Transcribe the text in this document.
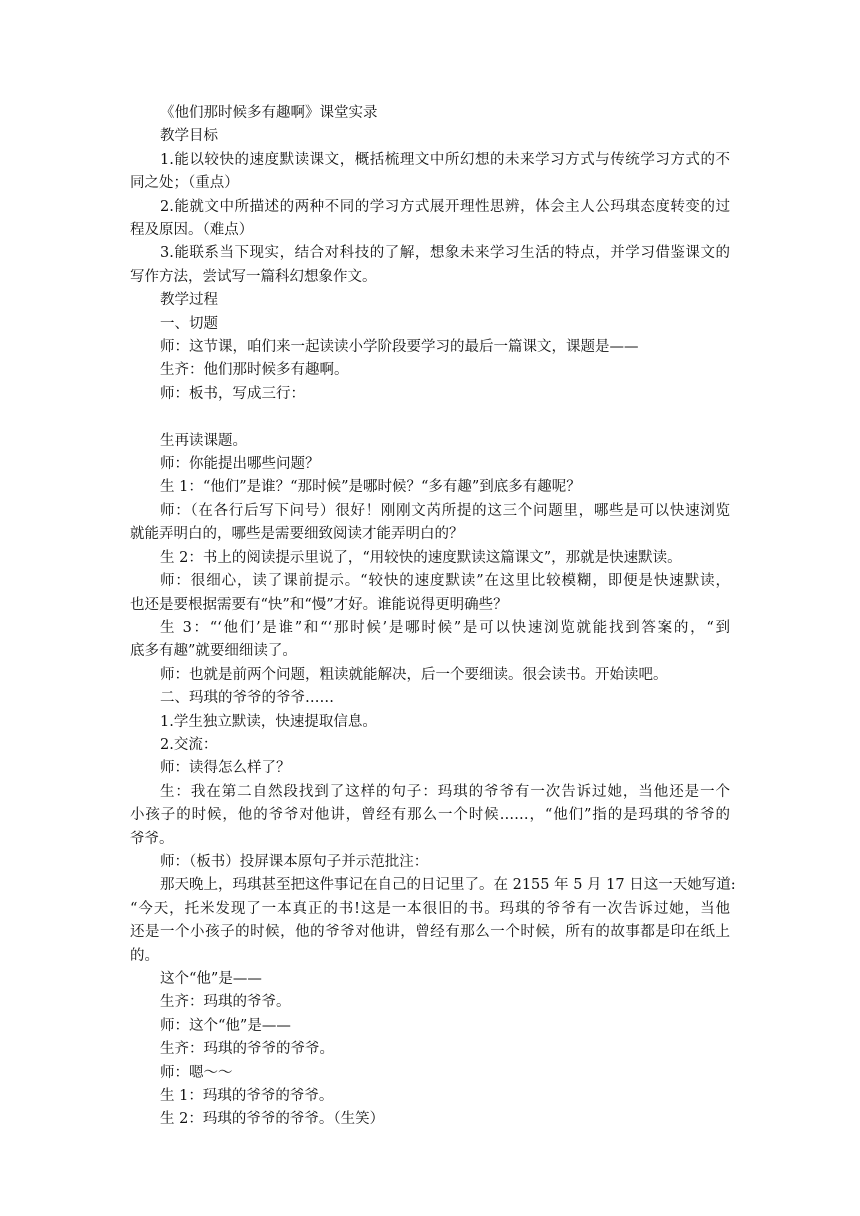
《他们那时候多有趣啊》课堂实录
教学目标
1.能以较快的速度默读课文，概括梳理文中所幻想的未来学习方式与传统学习方式的不
同之处；（重点）
2.能就文中所描述的两种不同的学习方式展开理性思辨，体会主人公玛琪态度转变的过
程及原因。（难点）
3.能联系当下现实，结合对科技的了解，想象未来学习生活的特点，并学习借鉴课文的
写作方法，尝试写一篇科幻想象作文。
教学过程
一、切题
师：这节课，咱们来一起读读小学阶段要学习的最后一篇课文，课题是——
生齐：他们那时候多有趣啊。
师：板书，写成三行：
生再读课题。
师：你能提出哪些问题？
生 1：“他们”是谁？“那时候”是哪时候？“多有趣”到底多有趣呢？
师：（在各行后写下问号）很好！刚刚文芮所提的这三个问题里，哪些是可以快速浏览
就能弄明白的，哪些是需要细致阅读才能弄明白的？
生 2：书上的阅读提示里说了，“用较快的速度默读这篇课文”，那就是快速默读。
师：很细心，读了课前提示。“较快的速度默读”在这里比较模糊，即便是快速默读，
也还是要根据需要有“快”和“慢”才好。谁能说得更明确些？
生 3：“‘他们’是谁”和“‘那时候’是哪时候”是可以快速浏览就能找到答案的，“到
底多有趣”就要细细读了。
师：也就是前两个问题，粗读就能解决，后一个要细读。很会读书。开始读吧。
二、玛琪的爷爷的爷爷……
1.学生独立默读，快速提取信息。
2.交流：
师：读得怎么样了？
生：我在第二自然段找到了这样的句子：玛琪的爷爷有一次告诉过她，当他还是一个
小孩子的时候，他的爷爷对他讲，曾经有那么一个时候……，“他们”指的是玛琪的爷爷的
爷爷。
师：（板书）投屏课本原句子并示范批注：
那天晚上，玛琪甚至把这件事记在自己的日记里了。在 2155 年 5 月 17 日这一天她写道:
“今天，托米发现了一本真正的书!这是一本很旧的书。玛琪的爷爷有一次告诉过她，当他
还是一个小孩子的时候，他的爷爷对他讲，曾经有那么一个时候，所有的故事都是印在纸上
的。
这个“他”是——
生齐：玛琪的爷爷。
师：这个“他”是——
生齐：玛琪的爷爷的爷爷。
师：嗯～～
生 1：玛琪的爷爷的爷爷。
生 2：玛琪的爷爷的爷爷。（生笑）
